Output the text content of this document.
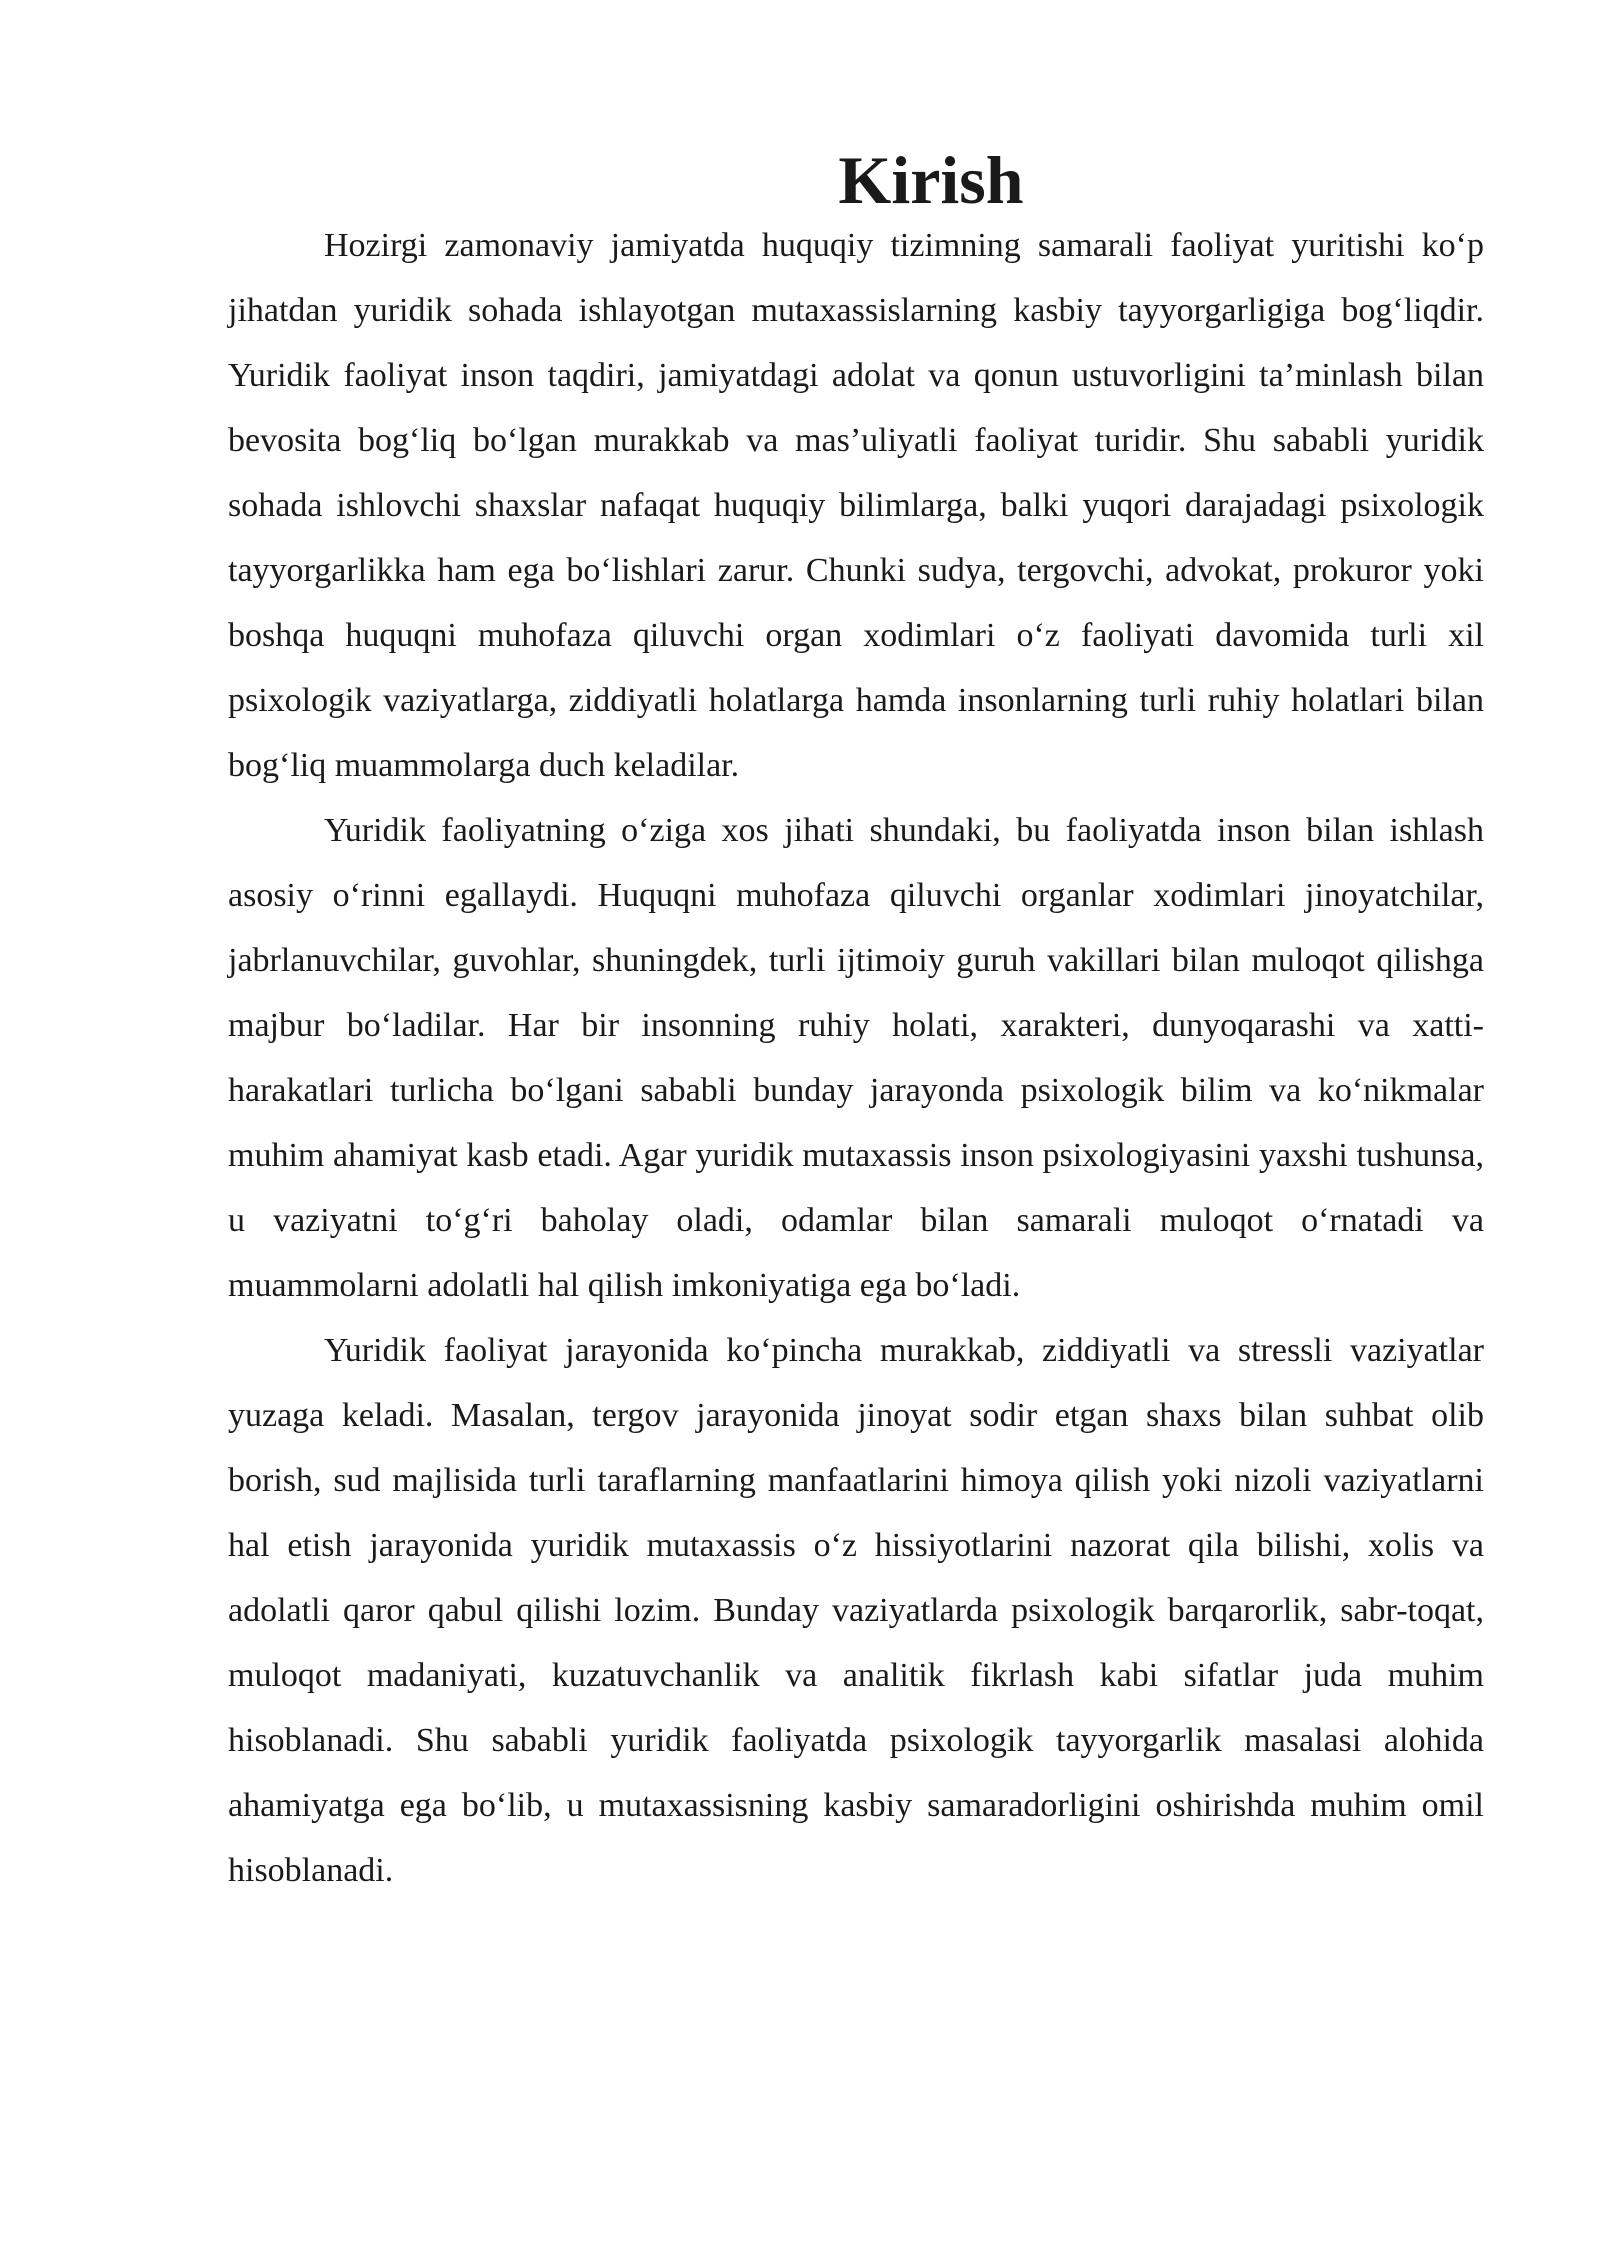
Kirish

Hozirgi zamonaviy jamiyatda huquqiy tizimning samarali faoliyat yuritishi ko‘p jihatdan yuridik sohada ishlayotgan mutaxassislarning kasbiy tayyorgarligiga bog‘liqdir. Yuridik faoliyat inson taqdiri, jamiyatdagi adolat va qonun ustuvorligini ta’minlash bilan bevosita bog‘liq bo‘lgan murakkab va mas’uliyatli faoliyat turidir. Shu sababli yuridik sohada ishlovchi shaxslar nafaqat huquqiy bilimlarga, balki yuqori darajadagi psixologik tayyorgarlikka ham ega bo‘lishlari zarur. Chunki sudya, tergovchi, advokat, prokuror yoki boshqa huquqni muhofaza qiluvchi organ xodimlari o‘z faoliyati davomida turli xil psixologik vaziyatlarga, ziddiyatli holatlarga hamda insonlarning turli ruhiy holatlari bilan bog‘liq muammolarga duch keladilar.

Yuridik faoliyatning o‘ziga xos jihati shundaki, bu faoliyatda inson bilan ishlash asosiy o‘rinni egallaydi. Huquqni muhofaza qiluvchi organlar xodimlari jinoyatchilar, jabrlanuvchilar, guvohlar, shuningdek, turli ijtimoiy guruh vakillari bilan muloqot qilishga majbur bo‘ladilar. Har bir insonning ruhiy holati, xarakteri, dunyoqarashi va xatti-harakatlari turlicha bo‘lgani sababli bunday jarayonda psixologik bilim va ko‘nikmalar muhim ahamiyat kasb etadi. Agar yuridik mutaxassis inson psixologiyasini yaxshi tushunsa, u vaziyatni to‘g‘ri baholay oladi, odamlar bilan samarali muloqot o‘rnatadi va muammolarni adolatli hal qilish imkoniyatiga ega bo‘ladi.

Yuridik faoliyat jarayonida ko‘pincha murakkab, ziddiyatli va stressli vaziyatlar yuzaga keladi. Masalan, tergov jarayonida jinoyat sodir etgan shaxs bilan suhbat olib borish, sud majlisida turli taraflarning manfaatlarini himoya qilish yoki nizoli vaziyatlarni hal etish jarayonida yuridik mutaxassis o‘z hissiyotlarini nazorat qila bilishi, xolis va adolatli qaror qabul qilishi lozim. Bunday vaziyatlarda psixologik barqarorlik, sabr-toqat, muloqot madaniyati, kuzatuvchanlik va analitik fikrlash kabi sifatlar juda muhim hisoblanadi. Shu sababli yuridik faoliyatda psixologik tayyorgarlik masalasi alohida ahamiyatga ega bo‘lib, u mutaxassisning kasbiy samaradorligini oshirishda muhim omil hisoblanadi.
